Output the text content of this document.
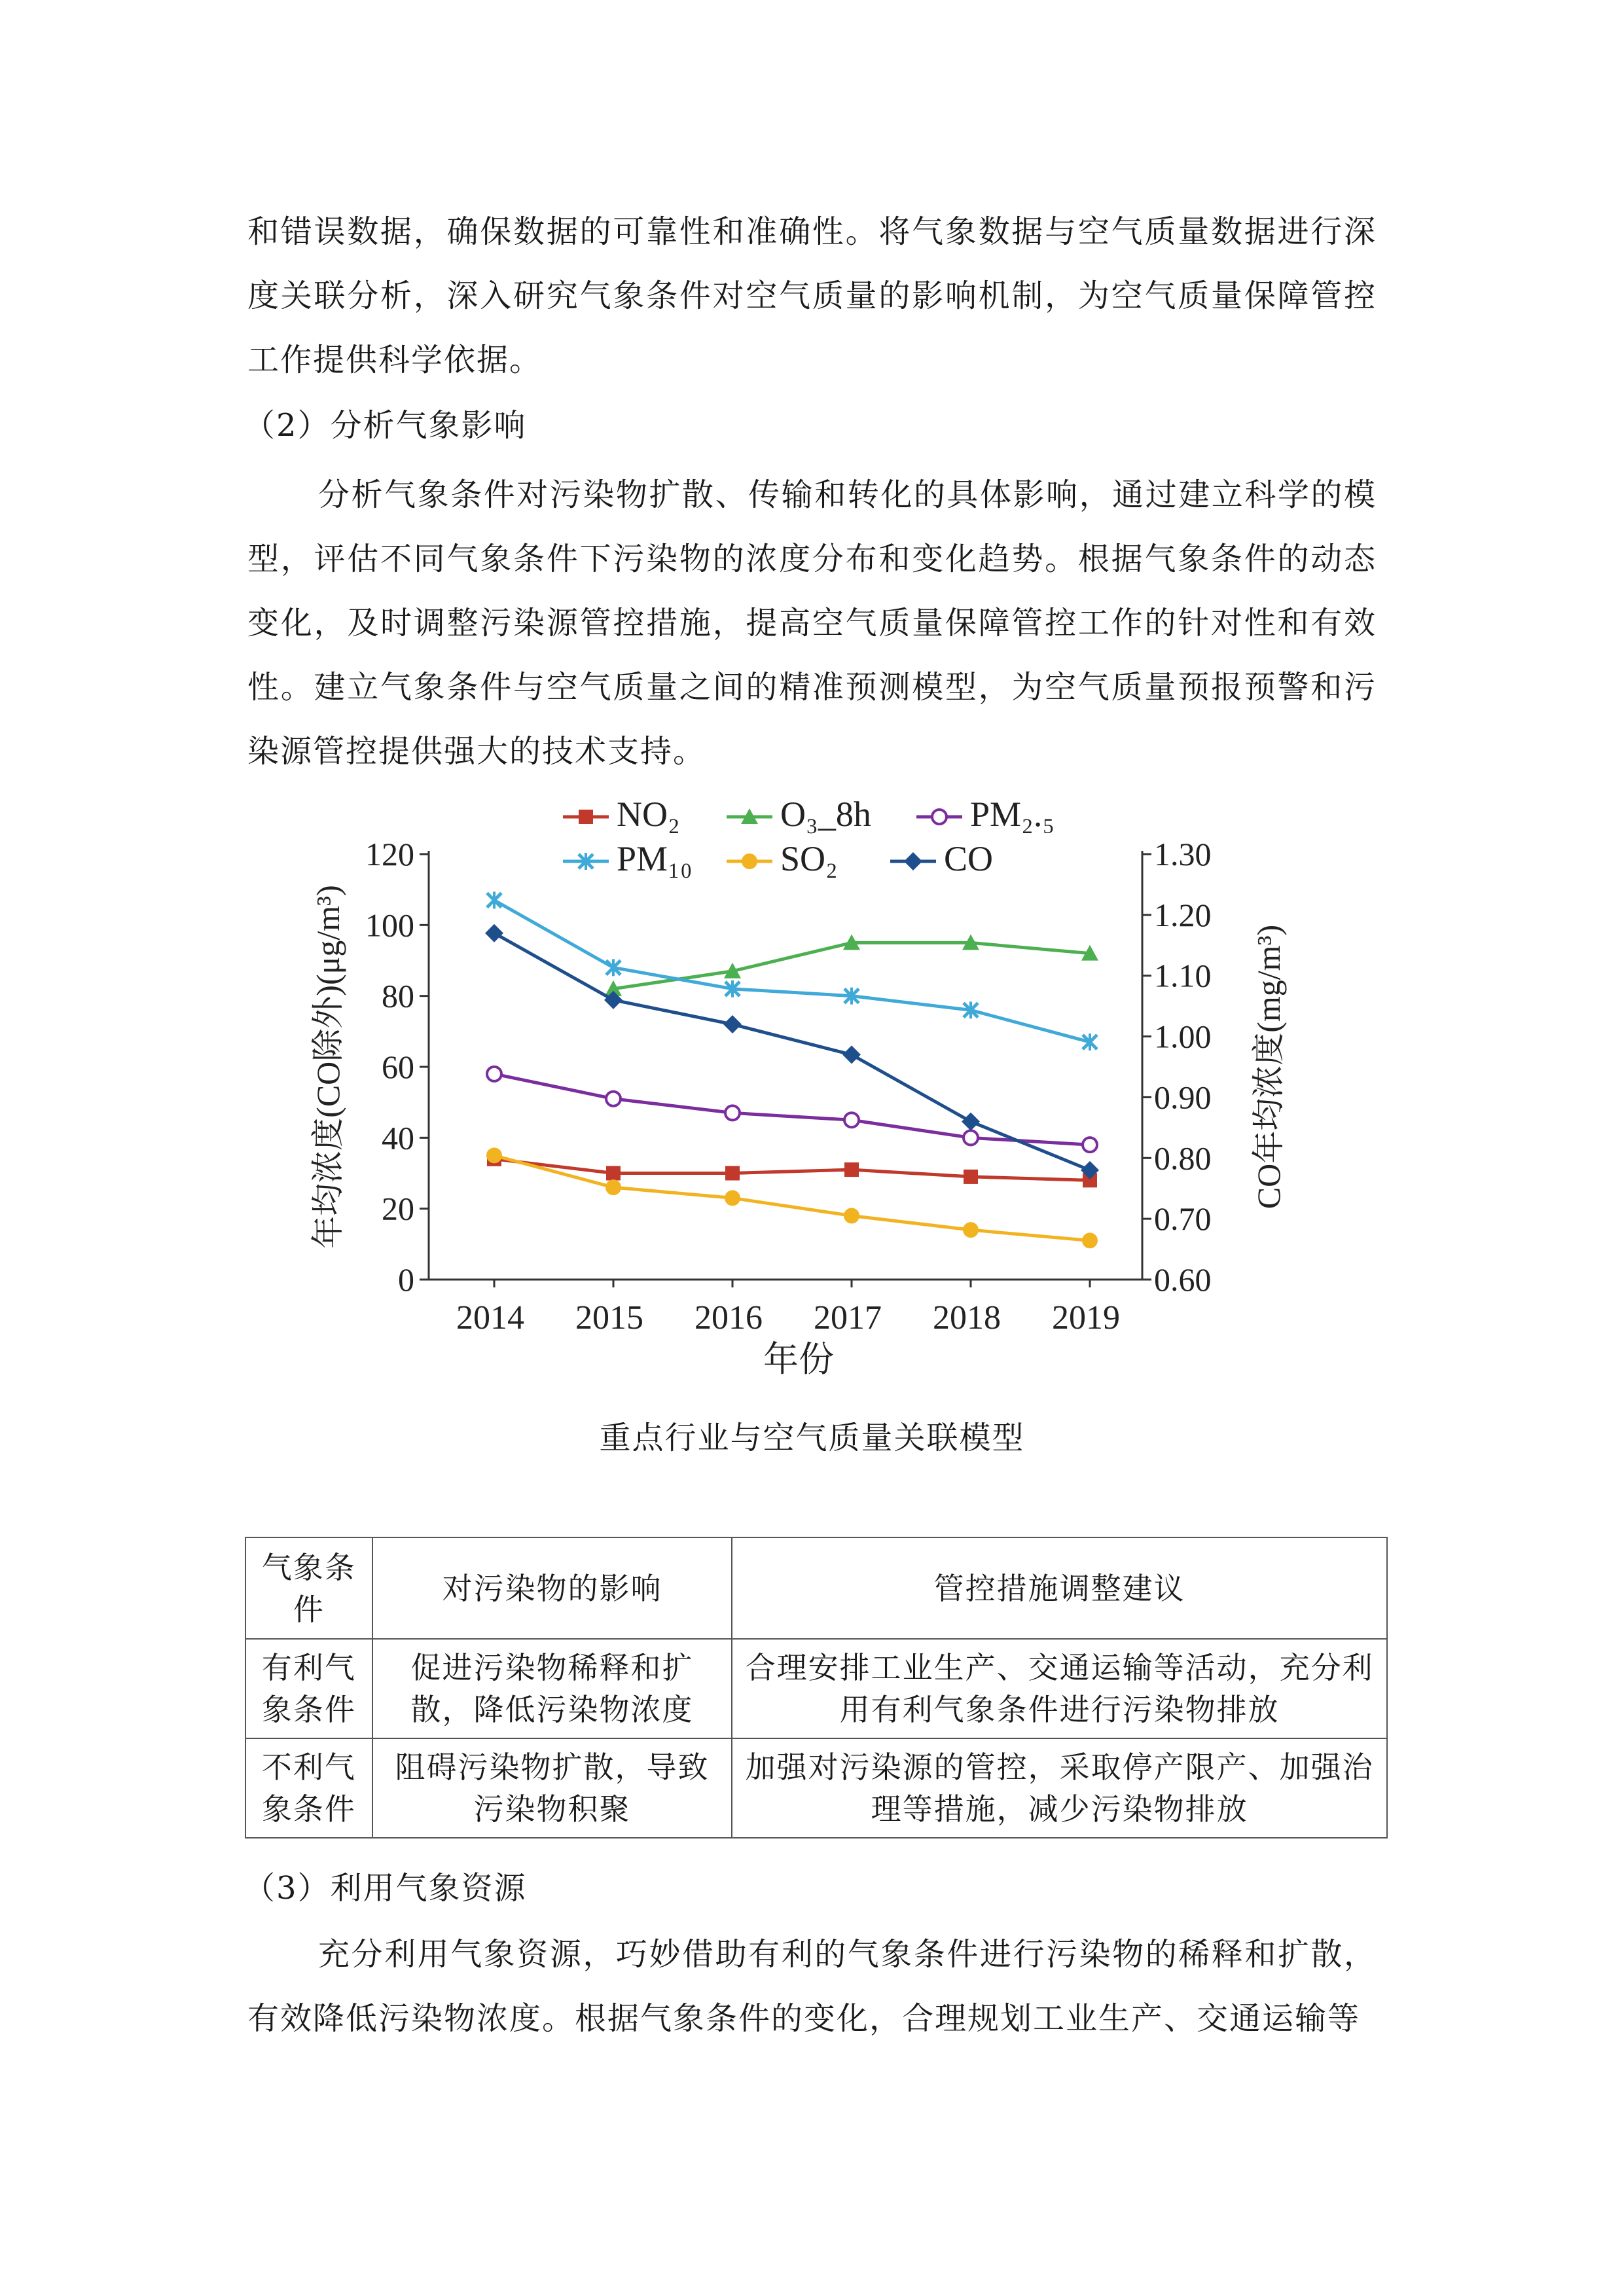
和错误数据，确保数据的可靠性和准确性。将气象数据与空气质量数据进行深度关联分析，深入研究气象条件对空气质量的影响机制，为空气质量保障管控工作提供科学依据。

（2）分析气象影响

分析气象条件对污染物扩散、传输和转化的具体影响，通过建立科学的模型，评估不同气象条件下污染物的浓度分布和变化趋势。根据气象条件的动态变化，及时调整污染源管控措施，提高空气质量保障管控工作的针对性和有效性。建立气象条件与空气质量之间的精准预测模型，为空气质量预报预警和污染源管控提供强大的技术支持。

0
20
40
60
80
100
120
0.60
0.70
0.80
0.90
1.00
1.10
1.20
1.30
2014 2015 2016 2017 2018 2019
年份
年均浓度(CO除外)(μg/m³)	CO年均浓度(mg/m³)
NO₂	O₃_8h	PM₂.₅
PM₁₀ SO₂	CO
重点行业与空气质量关联模型
气象条件	对污染物的影响	管控措施调整建议

有利气象条件	促进污染物稀释和扩散，降低污染物浓度	合理安排工业生产、交通运输等活动，充分利用有利气象条件进行污染物排放

不利气象条件	阻碍污染物扩散，导致污染物积聚	加强对污染源的管控，采取停产限产、加强治理等措施，减少污染物排放

（3）利用气象资源

充分利用气象资源，巧妙借助有利的气象条件进行污染物的稀释和扩散，有效降低污染物浓度。根据气象条件的变化，合理规划工业生产、交通运输等
